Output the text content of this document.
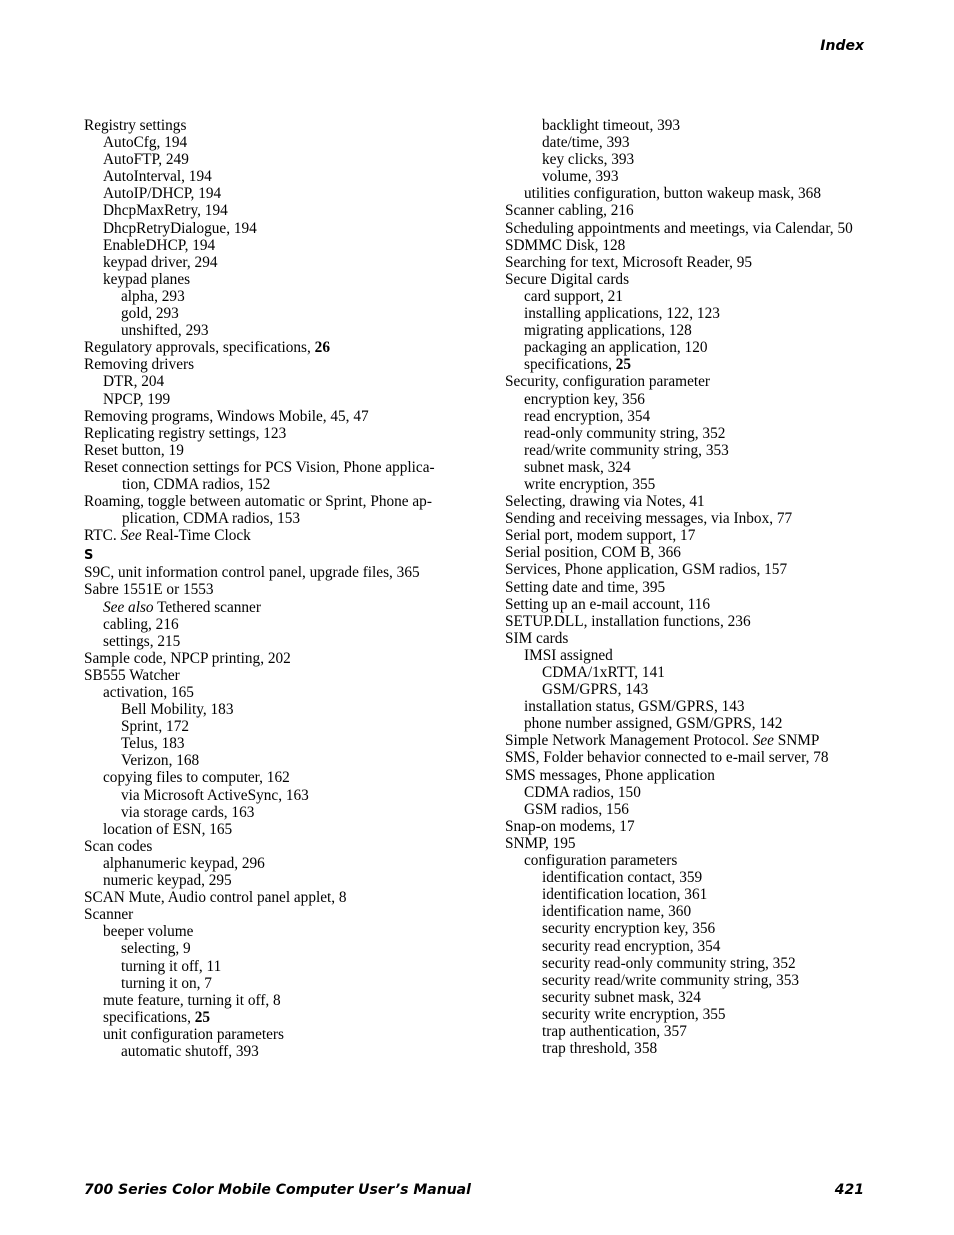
Index
Registry settings
AutoCfg, 194
AutoFTP, 249
AutoInterval, 194
AutoIP/DHCP, 194
DhcpMaxRetry, 194
DhcpRetryDialogue, 194
EnableDHCP, 194
keypad driver, 294
keypad planes
alpha, 293
gold, 293
unshifted, 293
Regulatory approvals, specifications, 26
Removing drivers
DTR, 204
NPCP, 199
Removing programs, Windows Mobile, 45, 47
Replicating registry settings, 123
Reset button, 19
Reset connection settings for PCS Vision, Phone applica-tion, CDMA radios, 152
Roaming, toggle between automatic or Sprint, Phone ap-plication, CDMA radios, 153
RTC. See Real-Time Clock
S
S9C, unit information control panel, upgrade files, 365
Sabre 1551E or 1553
See also Tethered scanner
cabling, 216
settings, 215
Sample code, NPCP printing, 202
SB555 Watcher
activation, 165
Bell Mobility, 183
Sprint, 172
Telus, 183
Verizon, 168
copying files to computer, 162
via Microsoft ActiveSync, 163
via storage cards, 163
location of ESN, 165
Scan codes
alphanumeric keypad, 296
numeric keypad, 295
SCAN Mute, Audio control panel applet, 8
Scanner
beeper volume
selecting, 9
turning it off, 11
turning it on, 7
mute feature, turning it off, 8
specifications, 25
unit configuration parameters
automatic shutoff, 393
backlight timeout, 393
date/time, 393
key clicks, 393
volume, 393
utilities configuration, button wakeup mask, 368
Scanner cabling, 216
Scheduling appointments and meetings, via Calendar, 50
SDMMC Disk, 128
Searching for text, Microsoft Reader, 95
Secure Digital cards
card support, 21
installing applications, 122, 123
migrating applications, 128
packaging an application, 120
specifications, 25
Security, configuration parameter
encryption key, 356
read encryption, 354
read-only community string, 352
read/write community string, 353
subnet mask, 324
write encryption, 355
Selecting, drawing via Notes, 41
Sending and receiving messages, via Inbox, 77
Serial port, modem support, 17
Serial position, COM B, 366
Services, Phone application, GSM radios, 157
Setting date and time, 395
Setting up an e-mail account, 116
SETUP.DLL, installation functions, 236
SIM cards
IMSI assigned
CDMA/1xRTT, 141
GSM/GPRS, 143
installation status, GSM/GPRS, 143
phone number assigned, GSM/GPRS, 142
Simple Network Management Protocol. See SNMP
SMS, Folder behavior connected to e-mail server, 78
SMS messages, Phone application
CDMA radios, 150
GSM radios, 156
Snap-on modems, 17
SNMP, 195
configuration parameters
identification contact, 359
identification location, 361
identification name, 360
security encryption key, 356
security read encryption, 354
security read-only community string, 352
security read/write community string, 353
security subnet mask, 324
security write encryption, 355
trap authentication, 357
trap threshold, 358
700 Series Color Mobile Computer User’s Manual	421
